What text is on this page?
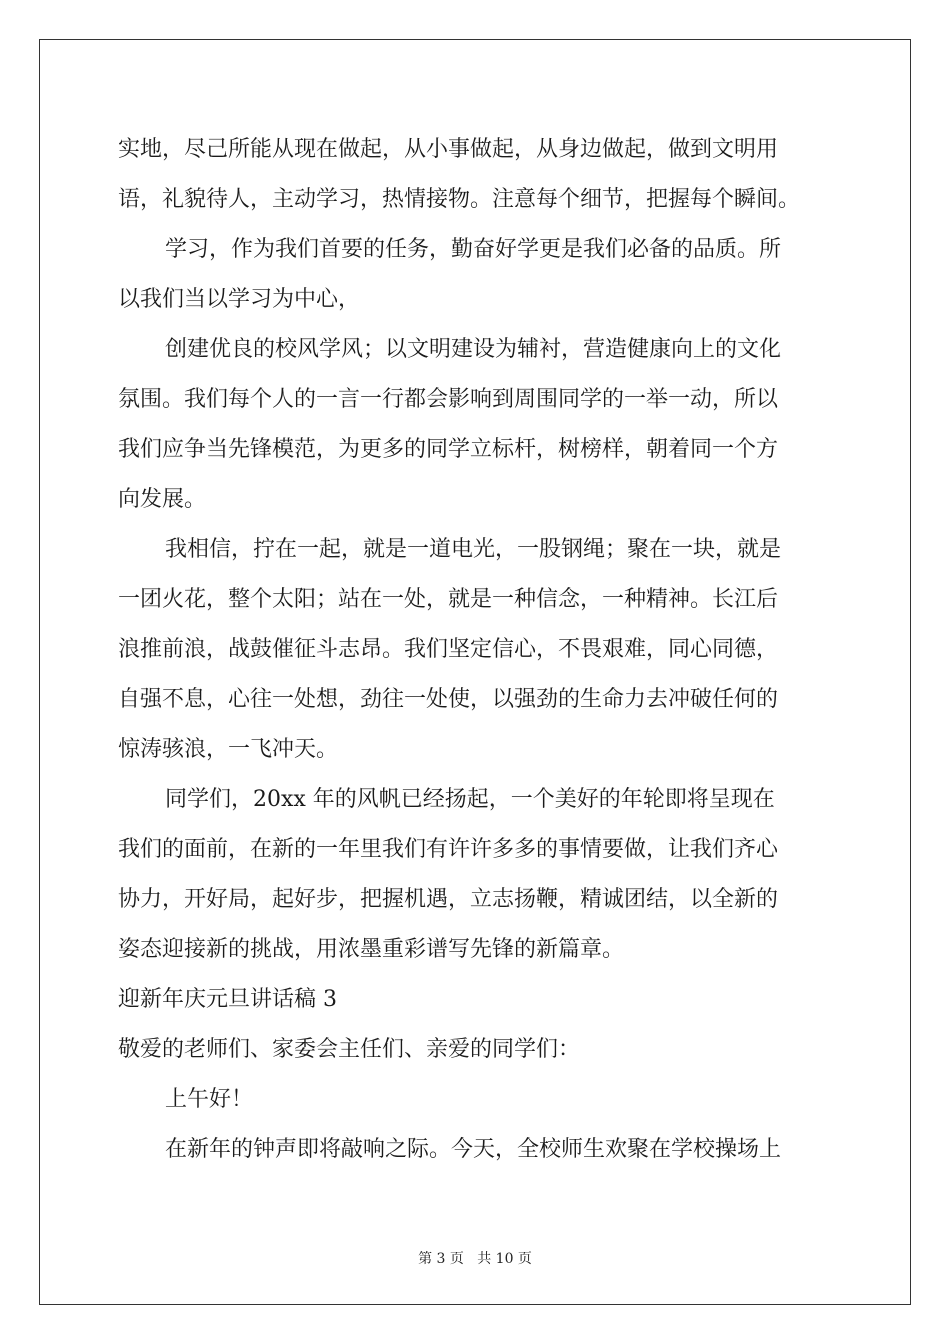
实地，尽己所能从现在做起，从小事做起，从身边做起，做到文明用
语，礼貌待人，主动学习，热情接物。注意每个细节，把握每个瞬间。
学习，作为我们首要的任务，勤奋好学更是我们必备的品质。所
以我们当以学习为中心，
创建优良的校风学风；以文明建设为辅衬，营造健康向上的文化
氛围。我们每个人的一言一行都会影响到周围同学的一举一动，所以
我们应争当先锋模范，为更多的同学立标杆，树榜样，朝着同一个方
向发展。
我相信，拧在一起，就是一道电光，一股钢绳；聚在一块，就是
一团火花，整个太阳；站在一处，就是一种信念，一种精神。长江后
浪推前浪，战鼓催征斗志昂。我们坚定信心，不畏艰难，同心同德，
自强不息，心往一处想，劲往一处使，以强劲的生命力去冲破任何的
惊涛骇浪，一飞冲天。
同学们，20xx 年的风帆已经扬起，一个美好的年轮即将呈现在
我们的面前，在新的一年里我们有许许多多的事情要做，让我们齐心
协力，开好局，起好步，把握机遇，立志扬鞭，精诚团结，以全新的
姿态迎接新的挑战，用浓墨重彩谱写先锋的新篇章。
迎新年庆元旦讲话稿 3
敬爱的老师们、家委会主任们、亲爱的同学们：
上午好！
在新年的钟声即将敲响之际。今天，全校师生欢聚在学校操场上
第 3 页   共 10 页
